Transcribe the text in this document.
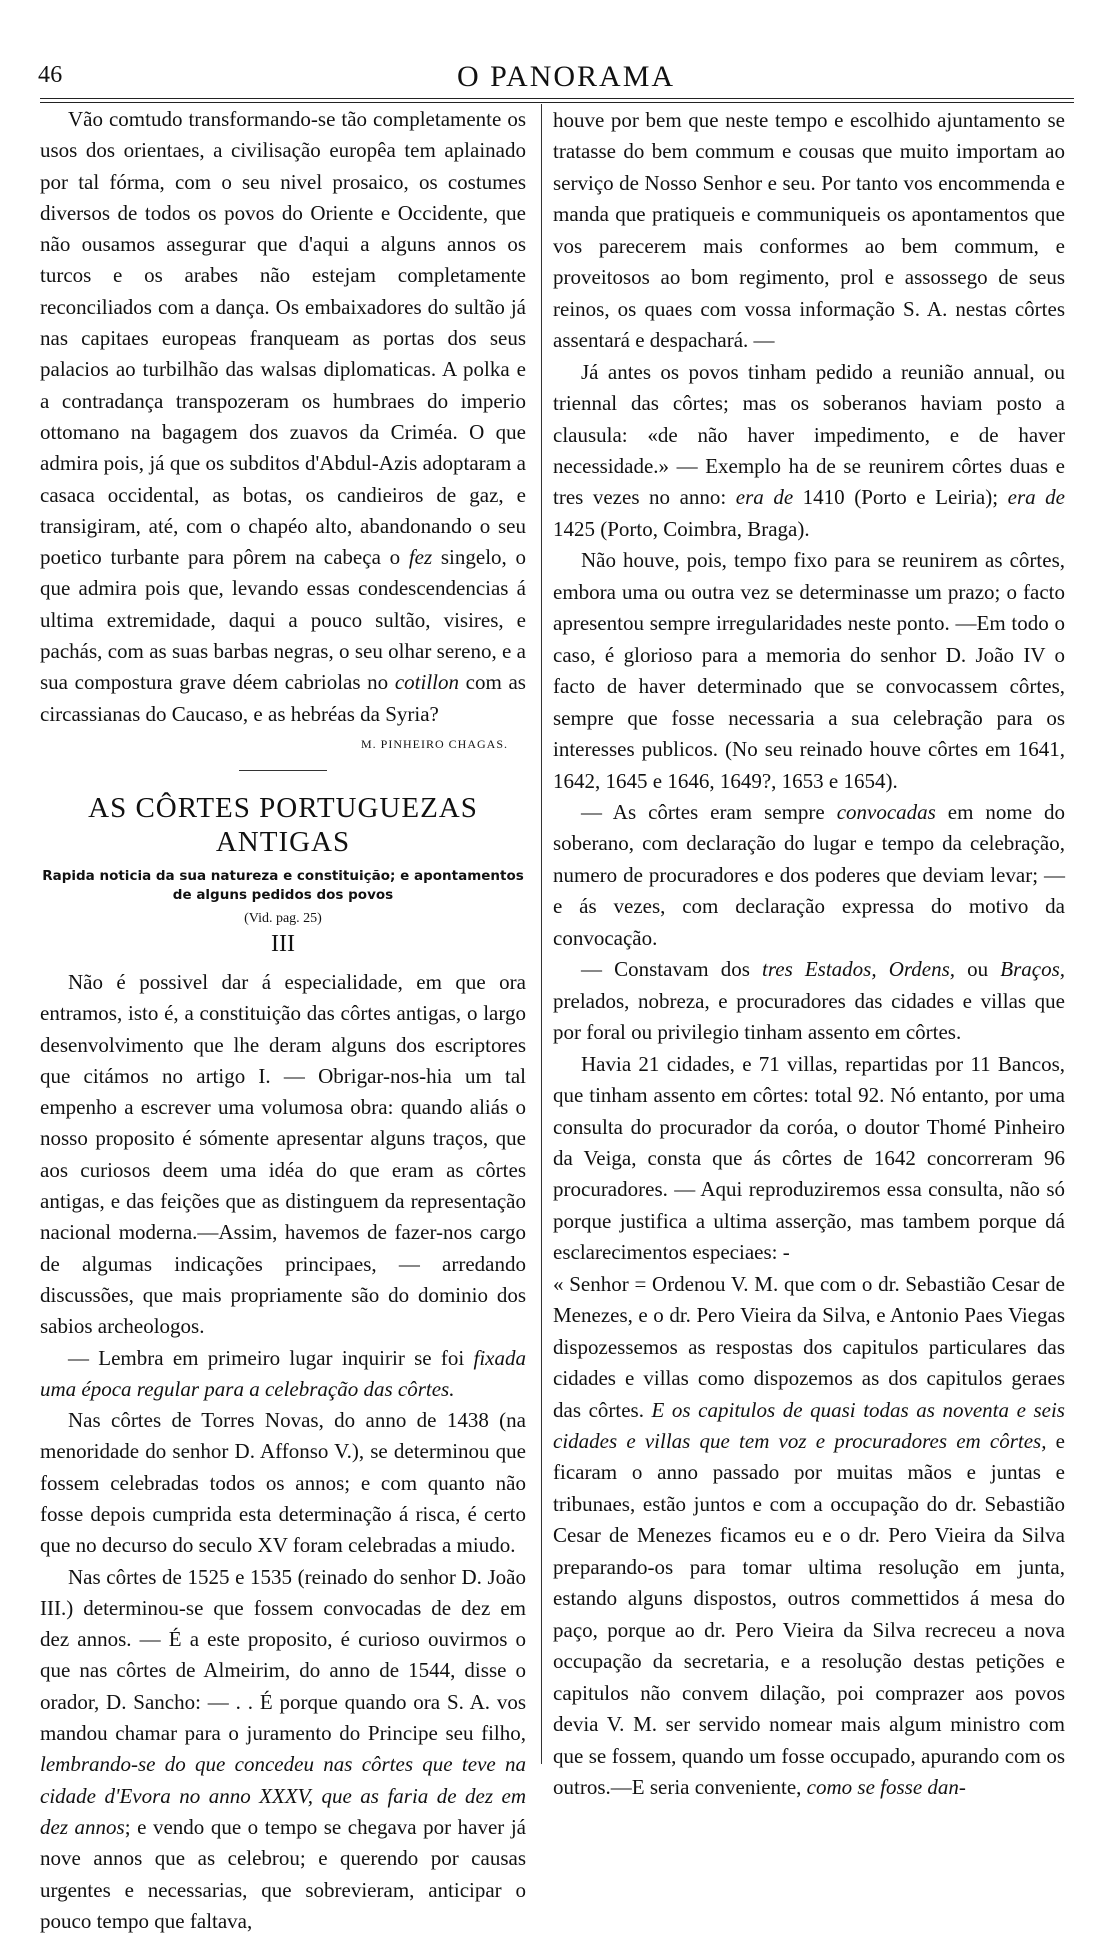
46	O PANORAMA

Vão comtudo transformando-se tão completamente os usos dos orientaes, a civilisação europêa tem aplainado por tal fórma, com o seu nivel prosaico, os costumes diversos de todos os povos do Oriente e Occidente, que não ousamos assegurar que d'aqui a alguns annos os turcos e os arabes não estejam completamente reconciliados com a dança. Os embaixadores do sultão já nas capitaes europeas franqueam as portas dos seus palacios ao turbilhão das walsas diplomaticas. A polka e a contradança transpozeram os humbraes do imperio ottomano na bagagem dos zuavos da Criméa. O que admira pois, já que os subditos d'Abdul-Azis adoptaram a casaca occidental, as botas, os candieiros de gaz, e transigiram, até, com o chapéo alto, abandonando o seu poetico turbante para pôrem na cabeça o fez singelo, o que admira pois que, levando essas condescendencias á ultima extremidade, daqui a pouco sultão, visires, e pachás, com as suas barbas negras, o seu olhar sereno, e a sua compostura grave déem cabriolas no cotillon com as circassianas do Caucaso, e as hebréas da Syria?

M. PINHEIRO CHAGAS.

AS CÔRTES PORTUGUEZAS ANTIGAS

Rapida noticia da sua natureza e constituição; e apontamentos de alguns pedidos dos povos

(Vid. pag. 25)

III

Não é possivel dar á especialidade, em que ora entramos, isto é, a constituição das côrtes antigas, o largo desenvolvimento que lhe deram alguns dos escriptores que citámos no artigo I. — Obrigar-nos-hia um tal empenho a escrever uma volumosa obra: quando aliás o nosso proposito é sómente apresentar alguns traços, que aos curiosos deem uma idéa do que eram as côrtes antigas, e das feições que as distinguem da representação nacional moderna.—Assim, havemos de fazer-nos cargo de algumas indicações principaes, — arredando discussões, que mais propriamente são do dominio dos sabios archeologos.

— Lembra em primeiro lugar inquirir se foi fixada uma época regular para a celebração das côrtes.

Nas côrtes de Torres Novas, do anno de 1438 (na menoridade do senhor D. Affonso V.), se determinou que fossem celebradas todos os annos; e com quanto não fosse depois cumprida esta determinação á risca, é certo que no decurso do seculo XV foram celebradas a miudo.

Nas côrtes de 1525 e 1535 (reinado do senhor D. João III.) determinou-se que fossem convocadas de dez em dez annos. — É a este proposito, é curioso ouvirmos o que nas côrtes de Almeirim, do anno de 1544, disse o orador, D. Sancho: — . . É porque quando ora S. A. vos mandou chamar para o juramento do Principe seu filho, lembrando-se do que concedeu nas côrtes que teve na cidade d'Evora no anno XXXV, que as faria de dez em dez annos; e vendo que o tempo se chegava por haver já nove annos que as celebrou; e querendo por causas urgentes e necessarias, que sobrevieram, anticipar o pouco tempo que faltava,

houve por bem que neste tempo e escolhido ajuntamento se tratasse do bem commum e cousas que muito importam ao serviço de Nosso Senhor e seu. Por tanto vos encommenda e manda que pratiqueis e communiqueis os apontamentos que vos parecerem mais conformes ao bem commum, e proveitosos ao bom regimento, prol e assossego de seus reinos, os quaes com vossa informação S. A. nestas côrtes assentará e despachará. —

Já antes os povos tinham pedido a reunião annual, ou triennal das côrtes; mas os soberanos haviam posto a clausula: «de não haver impedimento, e de haver necessidade.» — Exemplo ha de se reunirem côrtes duas e tres vezes no anno: era de 1410 (Porto e Leiria); era de 1425 (Porto, Coimbra, Braga).

Não houve, pois, tempo fixo para se reunirem as côrtes, embora uma ou outra vez se determinasse um prazo; o facto apresentou sempre irregularidades neste ponto. —Em todo o caso, é glorioso para a memoria do senhor D. João IV o facto de haver determinado que se convocassem côrtes, sempre que fosse necessaria a sua celebração para os interesses publicos. (No seu reinado houve côrtes em 1641, 1642, 1645 e 1646, 1649?, 1653 e 1654).

— As côrtes eram sempre convocadas em nome do soberano, com declaração do lugar e tempo da celebração, numero de procuradores e dos poderes que deviam levar; —e ás vezes, com declaração expressa do motivo da convocação.

— Constavam dos tres Estados, Ordens, ou Braços, prelados, nobreza, e procuradores das cidades e villas que por foral ou privilegio tinham assento em côrtes.

Havia 21 cidades, e 71 villas, repartidas por 11 Bancos, que tinham assento em côrtes: total 92. Nó entanto, por uma consulta do procurador da coróa, o doutor Thomé Pinheiro da Veiga, consta que ás côrtes de 1642 concorreram 96 procuradores. — Aqui reproduziremos essa consulta, não só porque justifica a ultima asserção, mas tambem porque dá esclarecimentos especiaes: -

« Senhor = Ordenou V. M. que com o dr. Sebastião Cesar de Menezes, e o dr. Pero Vieira da Silva, e Antonio Paes Viegas dispozessemos as respostas dos capitulos particulares das cidades e villas como dispozemos as dos capitulos geraes das côrtes. E os capitulos de quasi todas as noventa e seis cidades e villas que tem voz e procuradores em côrtes, e ficaram o anno passado por muitas mãos e juntas e tribunaes, estão juntos e com a occupação do dr. Sebastião Cesar de Menezes ficamos eu e o dr. Pero Vieira da Silva preparando-os para tomar ultima resolução em junta, estando alguns dispostos, outros commettidos á mesa do paço, porque ao dr. Pero Vieira da Silva recreceu a nova occupação da secretaria, e a resolução destas petições e capitulos não convem dilação, poi comprazer aos povos devia V. M. ser servido nomear mais algum ministro com que se fossem, quando um fosse occupado, apurando com os outros.—E seria conveniente, como se fosse dan-
